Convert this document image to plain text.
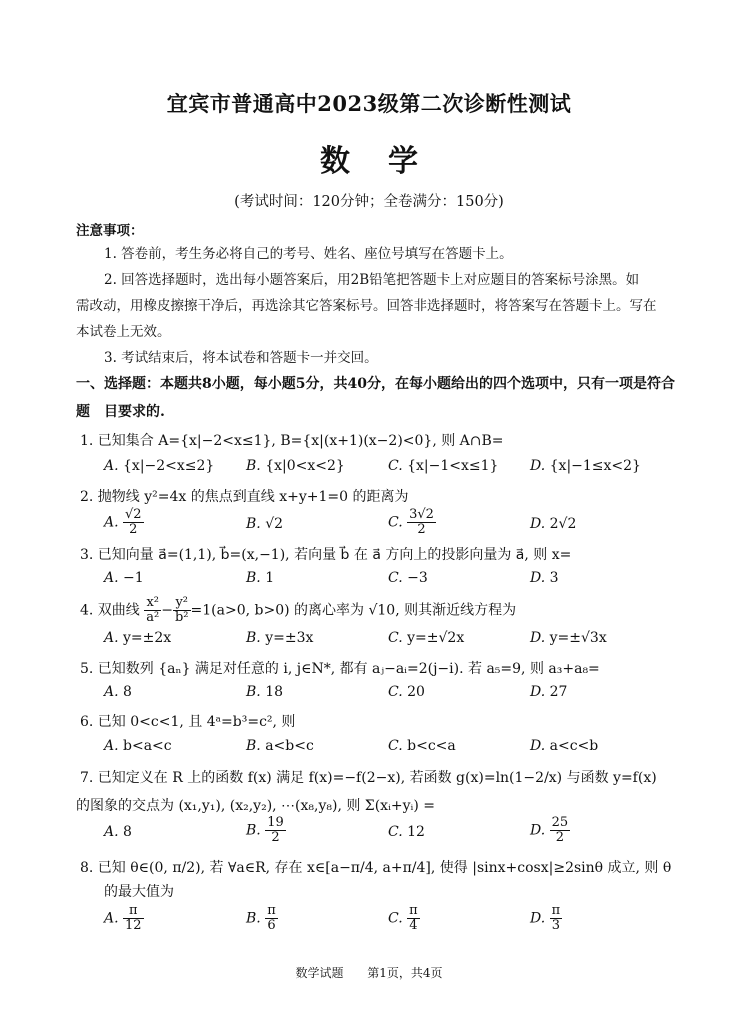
宜宾市普通高中2023级第二次诊断性测试
数学
(考试时间：120分钟；全卷满分：150分)
注意事项：
1. 答卷前，考生务必将自己的考号、姓名、座位号填写在答题卡上。
2. 回答选择题时，选出每小题答案后，用2B铅笔把答题卡上对应题目的答案标号涂黑。如
需改动，用橡皮擦擦干净后，再选涂其它答案标号。回答非选择题时，将答案写在答题卡上。写在
本试卷上无效。
3. 考试结束后，将本试卷和答题卡一并交回。
一、选择题：本题共8小题，每小题5分，共40分，在每小题给出的四个选项中，只有一项是符合题	目要求的.
1. 已知集合 A={x|−2<x≤1}, B={x|(x+1)(x−2)<0}, 则 A∩B=
A. {x|−2<x≤2} B. {x|0<x<2}	C. {x|−1<x≤1} D. {x|−1≤x<2}
2. 抛物线 y²=4x 的焦点到直线 x+y+1=0 的距离为
A. $\frac{√2}{2}$	B. √2	C. $\frac{3√2}{2}$	D. 2√2
3. 已知向量 a⃗=(1,1), b⃗=(x,−1), 若向量 b⃗ 在 a⃗ 方向上的投影向量为 a⃗, 则 x=
A. −1	B. 1	C. −3	D. 3
4. 双曲线 $\frac{\text{x²}}{\text{a²}} - \frac{\text{y²}}{\text{b²}} =1(a>0$, b>0) 的离心率为 √10, 则其渐近线方程为
A. y=±2x	B. y=±3x	C. y=±√2x	D. y=±√3x
5. 已知数列 {aₙ} 满足对任意的 i, j∈N*, 都有 aⱼ−aᵢ=2(j−i). 若 a₅=9, 则 a₃+a₈=
A. 8	B. 18	C. 20	D. 27
6. 已知 0<c<1, 且 4ᵃ=b³=c², 则
A. b<a<c	B. a<b<c	C. b<c<a	D. a<c<b
7. 已知定义在 R 上的函数 f(x) 满足 f(x)=−f(2−x), 若函数 g(x)=ln(1−2/x) 与函数 y=f(x)
的图象的交点为 (x₁,y₁), (x₂,y₂), ⋯(x₈,y₈), 则 Σ(xᵢ+yᵢ) =
A. 8	B. $\frac{19}{2}$	C. 12	D. $\frac{25}{2}$
8. 已知 θ∈(0, π/2), 若 ∀a∈R, 存在 x∈[a−π/4, a+π/4], 使得 |sinx+cosx|≥2sinθ 成立, 则 θ
的最大值为
A. $\frac{\pi}{12}$	B. $\frac{\pi}{6}$	C. $\frac{\pi}{4}$	D. $\frac{\pi}{3}$
数学试题 第1页，共4页
